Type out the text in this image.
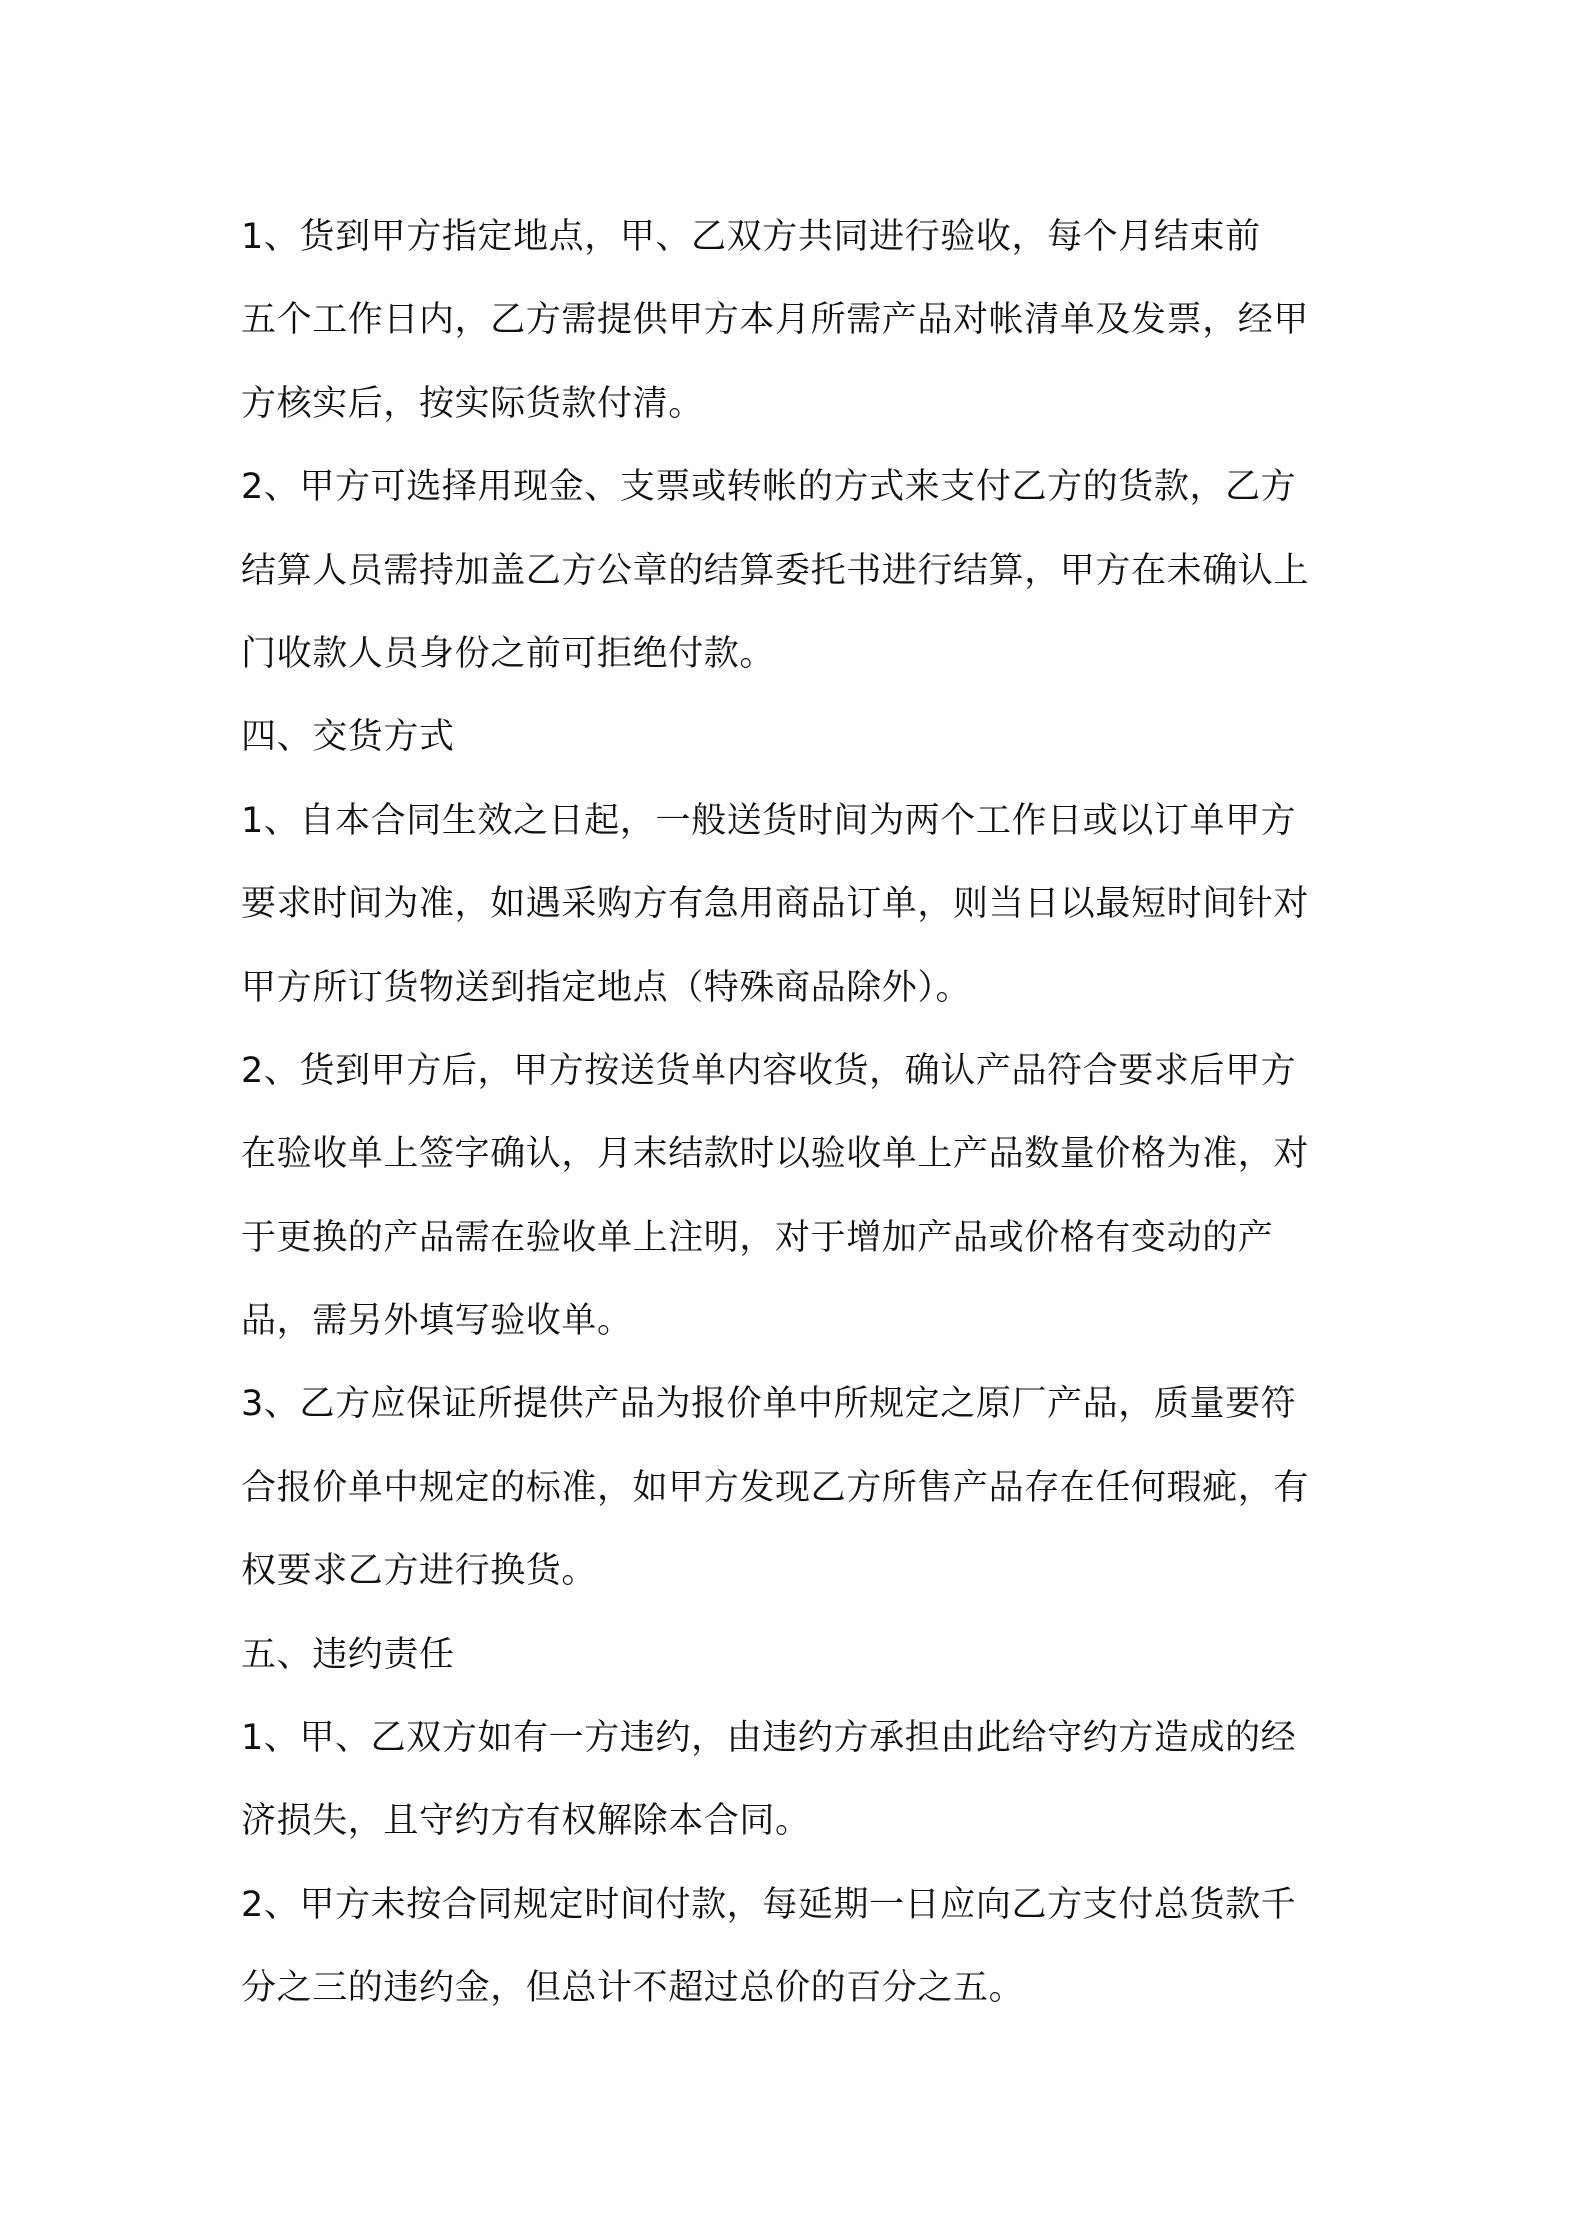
1、货到甲方指定地点，甲、乙双方共同进行验收，每个月结束前
五个工作日内，乙方需提供甲方本月所需产品对帐清单及发票，经甲
方核实后，按实际货款付清。
2、甲方可选择用现金、支票或转帐的方式来支付乙方的货款，乙方
结算人员需持加盖乙方公章的结算委托书进行结算，甲方在未确认上
门收款人员身份之前可拒绝付款。
四、交货方式
1、自本合同生效之日起，一般送货时间为两个工作日或以订单甲方
要求时间为准，如遇采购方有急用商品订单，则当日以最短时间针对
甲方所订货物送到指定地点（特殊商品除外）。
2、货到甲方后，甲方按送货单内容收货，确认产品符合要求后甲方
在验收单上签字确认，月末结款时以验收单上产品数量价格为准，对
于更换的产品需在验收单上注明，对于增加产品或价格有变动的产
品，需另外填写验收单。
3、乙方应保证所提供产品为报价单中所规定之原厂产品，质量要符
合报价单中规定的标准，如甲方发现乙方所售产品存在任何瑕疵，有
权要求乙方进行换货。
五、违约责任
1、甲、乙双方如有一方违约，由违约方承担由此给守约方造成的经
济损失，且守约方有权解除本合同。
2、甲方未按合同规定时间付款，每延期一日应向乙方支付总货款千
分之三的违约金，但总计不超过总价的百分之五。
